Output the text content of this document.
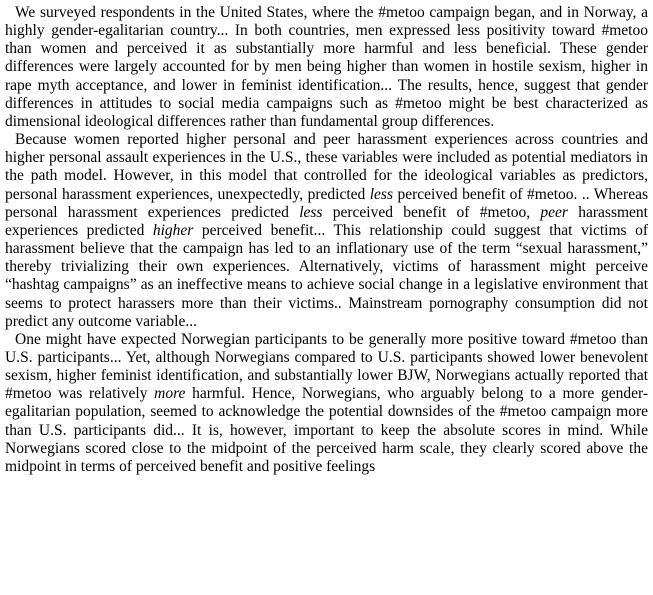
We surveyed respondents in the United States, where the #metoo campaign began, and in Norway, a highly gender-egalitarian country... In both countries, men expressed less positivity toward #metoo than women and perceived it as substantially more harmful and less beneficial. These gender differences were largely accounted for by men being higher than women in hostile sexism, higher in rape myth acceptance, and lower in feminist identification... The results, hence, suggest that gender differences in attitudes to social media campaigns such as #metoo might be best characterized as dimensional ideological differences rather than fundamental group differences.

Because women reported higher personal and peer harassment experiences across countries and higher personal assault experiences in the U.S., these variables were included as potential mediators in the path model. However, in this model that controlled for the ideological variables as predictors, personal harassment experiences, unexpectedly, predicted less perceived benefit of #metoo. .. Whereas personal harassment experiences predicted less perceived benefit of #metoo, peer harassment experiences predicted higher perceived benefit... This relationship could suggest that victims of harassment believe that the campaign has led to an inflationary use of the term “sexual harassment,” thereby trivializing their own experiences. Alternatively, victims of harassment might perceive “hashtag campaigns” as an ineffective means to achieve social change in a legislative environment that seems to protect harassers more than their victims.. Mainstream pornography consumption did not predict any outcome variable...

One might have expected Norwegian participants to be generally more positive toward #metoo than U.S. participants... Yet, although Norwegians compared to U.S. participants showed lower benevolent sexism, higher feminist identification, and substantially lower BJW, Norwegians actually reported that #metoo was relatively more harmful. Hence, Norwegians, who arguably belong to a more gender-egalitarian population, seemed to acknowledge the potential downsides of the #metoo campaign more than U.S. participants did... It is, however, important to keep the absolute scores in mind. While Norwegians scored close to the midpoint of the perceived harm scale, they clearly scored above the midpoint in terms of perceived benefit and positive feelings
